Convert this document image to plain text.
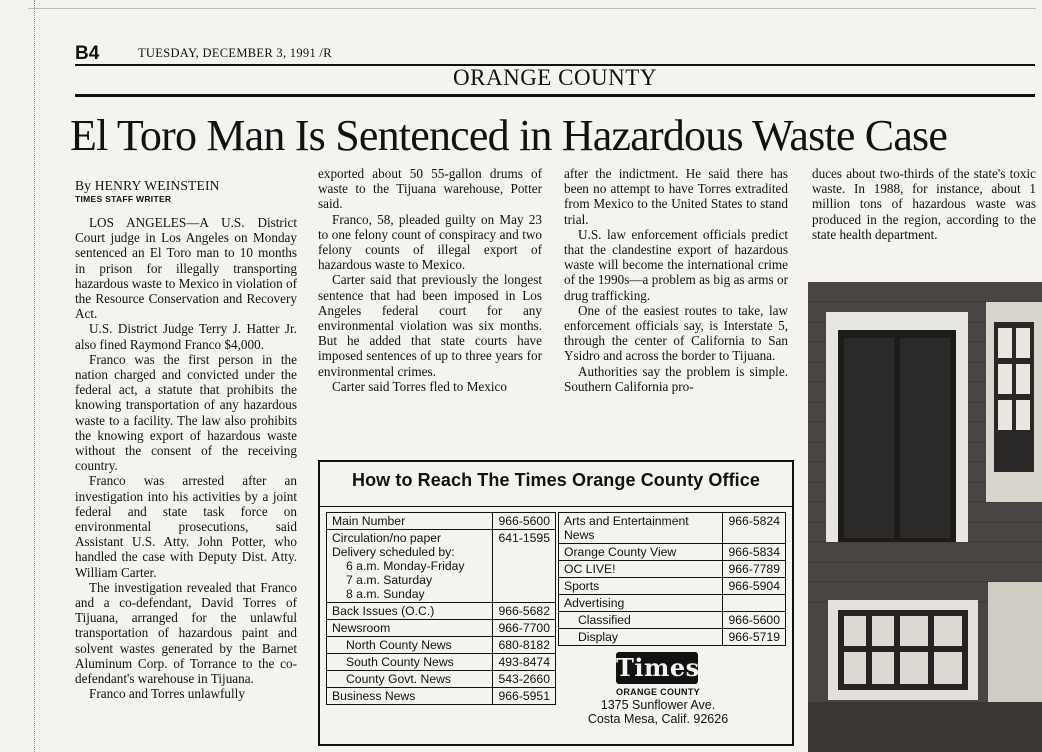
B4	TUESDAY, DECEMBER 3, 1991 /R
ORANGE COUNTY
El Toro Man Is Sentenced in Hazardous Waste Case
By HENRY WEINSTEIN
TIMES STAFF WRITER

LOS ANGELES—A U.S. District Court judge in Los Angeles on Monday sentenced an El Toro man to 10 months in prison for illegally transporting hazardous waste to Mexico in violation of the Resource Conservation and Recovery Act.

U.S. District Judge Terry J. Hatter Jr. also fined Raymond Franco $4,000.

Franco was the first person in the nation charged and convicted under the federal act, a statute that prohibits the knowing transportation of any hazardous waste to a facility. The law also prohibits the knowing export of hazardous waste without the consent of the receiving country.

Franco was arrested after an investigation into his activities by a joint federal and state task force on environmental prosecutions, said Assistant U.S. Atty. John Potter, who handled the case with Deputy Dist. Atty. William Carter.

The investigation revealed that Franco and a co-defendant, David Torres of Tijuana, arranged for the unlawful transportation of hazardous paint and solvent wastes generated by the Barnet Aluminum Corp. of Torrance to the co-defendant's warehouse in Tijuana.

Franco and Torres unlawfully

exported about 50 55-gallon drums of waste to the Tijuana warehouse, Potter said.

Franco, 58, pleaded guilty on May 23 to one felony count of conspiracy and two felony counts of illegal export of hazardous waste to Mexico.

Carter said that previously the longest sentence that had been imposed in Los Angeles federal court for any environmental violation was six months. But he added that state courts have imposed sentences of up to three years for environmental crimes.

Carter said Torres fled to Mexico

after the indictment. He said there has been no attempt to have Torres extradited from Mexico to the United States to stand trial.

U.S. law enforcement officials predict that the clandestine export of hazardous waste will become the international crime of the 1990s—a problem as big as arms or drug trafficking.

One of the easiest routes to take, law enforcement officials say, is Interstate 5, through the center of California to San Ysidro and across the border to Tijuana.

Authorities say the problem is simple. Southern California pro-

duces about two-thirds of the state's toxic waste. In 1988, for instance, about 1 million tons of hazardous waste was produced in the region, according to the state health department.

How to Reach The Times Orange County Office
Main Number	966-5600
Circulation/no paper Delivery scheduled by:
6 a.m. Monday-Friday
7 a.m. Saturday
8 a.m. Sunday	641-1595
Back Issues (O.C.)	966-5682
Newsroom	966-7700

North County News	680-8182

South County News	493-8474

County Govt. News	543-2660
Business News	966-5951
Arts and Entertainment News	966-5824
Orange County View	966-5834
OC LIVE!	966-7789
Sports	966-5904
Advertising	

Classified	966-5600

Display	966-5719
Times
ORANGE COUNTY
1375 Sunflower Ave.
Costa Mesa, Calif. 92626
